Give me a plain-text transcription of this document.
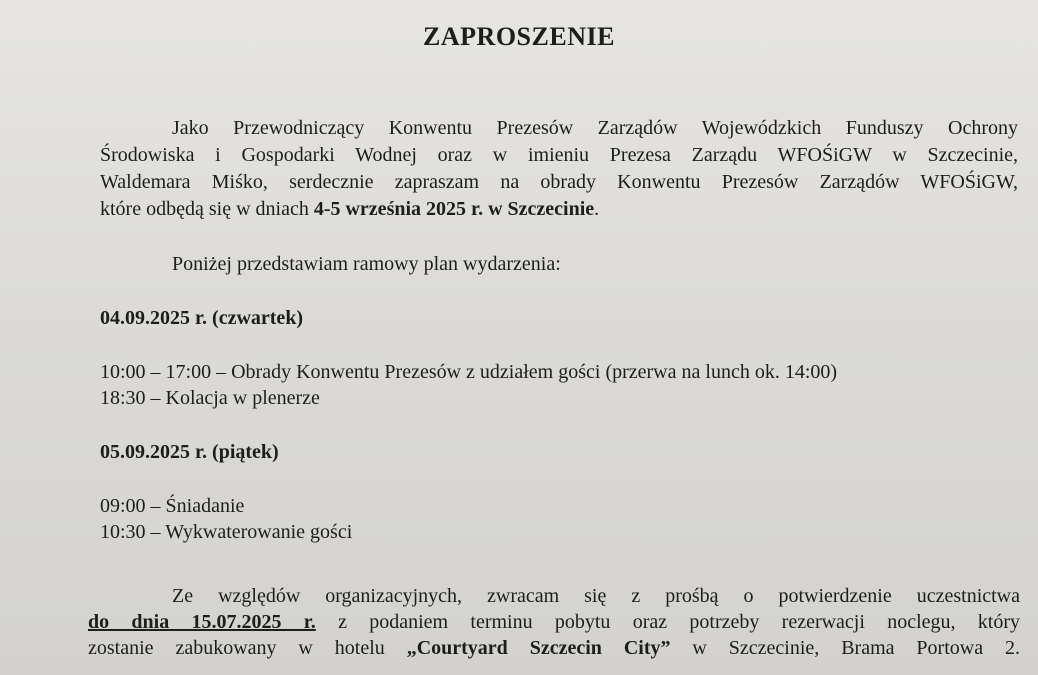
ZAPROSZENIE
Jako Przewodniczący Konwentu Prezesów Zarządów Wojewódzkich Funduszy Ochrony
Środowiska i Gospodarki Wodnej oraz w imieniu Prezesa Zarządu WFOŚiGW w Szczecinie,
Waldemara Miśko, serdecznie zapraszam na obrady Konwentu Prezesów Zarządów WFOŚiGW,
które odbędą się w dniach 4-5 września 2025 r. w Szczecinie.
Poniżej przedstawiam ramowy plan wydarzenia:
04.09.2025 r. (czwartek)
10:00 – 17:00 – Obrady Konwentu Prezesów z udziałem gości (przerwa na lunch ok. 14:00)
18:30 – Kolacja w plenerze
05.09.2025 r. (piątek)
09:00 – Śniadanie
10:30 – Wykwaterowanie gości
Ze względów organizacyjnych, zwracam się z prośbą o potwierdzenie uczestnictwa
do dnia 15.07.2025 r. z podaniem terminu pobytu oraz potrzeby rezerwacji noclegu, który
zostanie zabukowany w hotelu „Courtyard Szczecin City” w Szczecinie, Brama Portowa 2.
